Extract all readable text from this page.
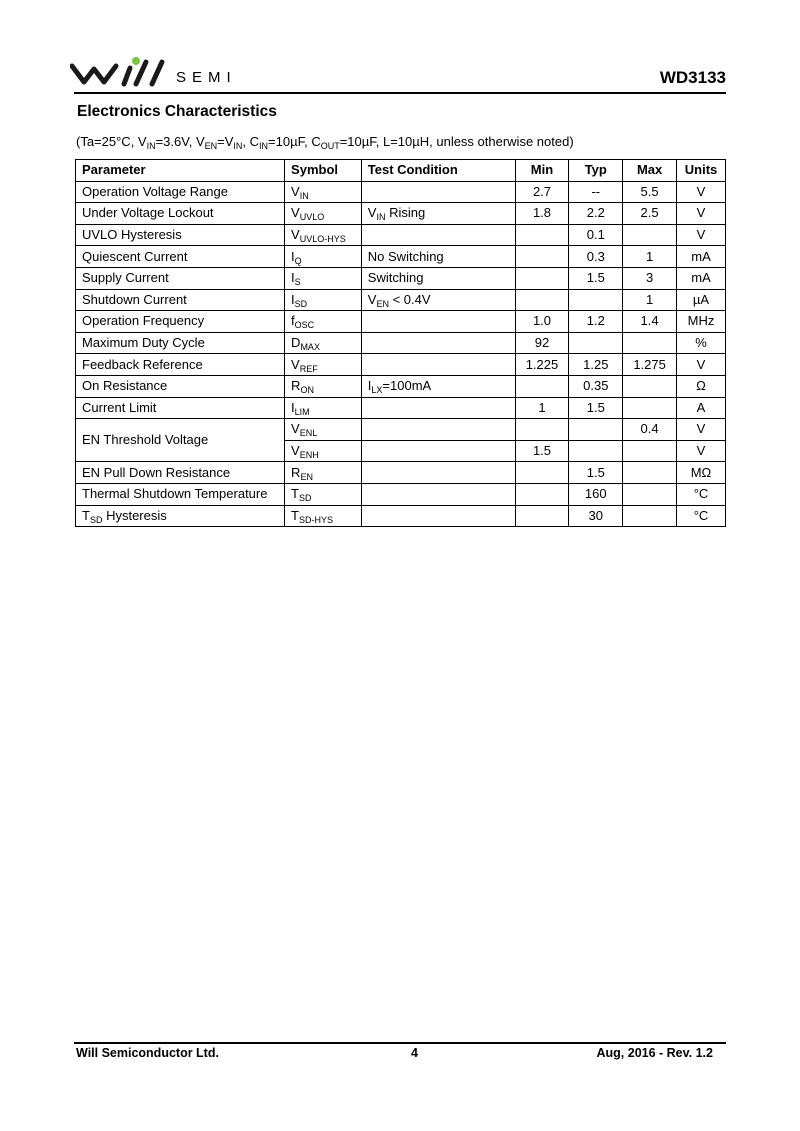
SEMI	WD3133
Electronics Characteristics
(Ta=25°C, $V_{IN}=3.6V$, $V_{EN}=V_{IN}$, $C_{IN}=10\mu F$, $C_{OUT}=10\mu F$, L=10µH, unless otherwise noted)
Parameter	Symbol	Test Condition	Min	Typ	Max	Units
Operation Voltage Range	$V_{IN}$		2.7	--	5.5	V
Under Voltage Lockout	$V_{UVLO}$	$V_{IN}$ Rising	1.8	2.2	2.5	V
UVLO Hysteresis	$V_{UVLO-HYS}$			0.1		V
Quiescent Current	$I_Q$	No Switching		0.3	1	mA
Supply Current	$I_S$	Switching		1.5	3	mA
Shutdown Current	$I_{SD}$	$V_{EN} < 0.4V$			1	µA
Operation Frequency	$f_{OSC}$		1.0	1.2	1.4	MHz
Maximum Duty Cycle	$D_{MAX}$		92			%
Feedback Reference	$V_{REF}$		1.225	1.25	1.275	V
On Resistance	$R_{ON}$	$I_{LX}=100mA$		0.35		Ω
Current Limit	$I_{LIM}$		1	1.5		A
EN Threshold Voltage	$V_{ENL}$				0.4	V
	$V_{ENH}$		1.5			V
EN Pull Down Resistance	$R_{EN}$			1.5		MΩ
Thermal Shutdown Temperature	$T_{SD}$			160		°C
$T_{SD}$ Hysteresis	$T_{SD-HYS}$			30		°C
Will Semiconductor Ltd.	4	Aug, 2016 - Rev. 1.2
